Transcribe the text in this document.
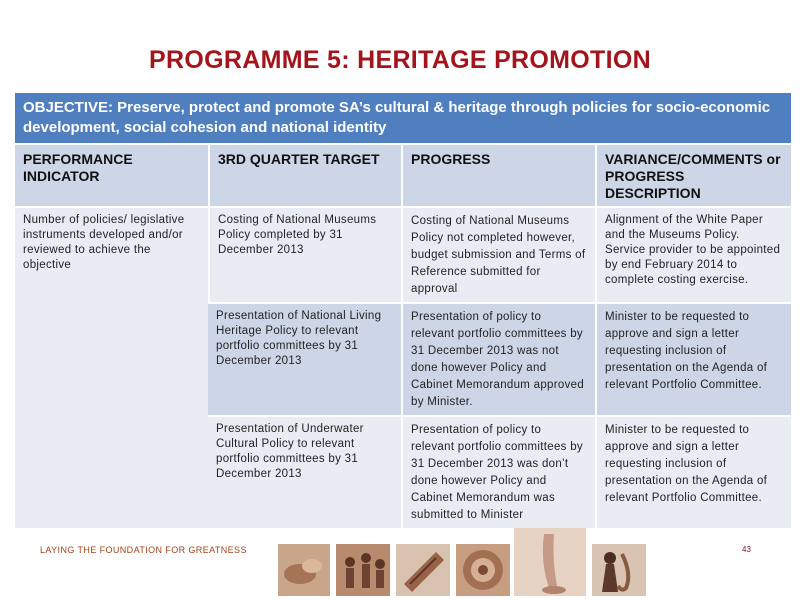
PROGRAMME 5: HERITAGE PROMOTION
OBJECTIVE: Preserve, protect and promote SA’s cultural & heritage through policies for socio-economic development, social cohesion and national identity			
PERFORMANCE INDICATOR	3RD QUARTER TARGET	PROGRESS	VARIANCE/COMMENTS or PROGRESS DESCRIPTION
Number of policies/ legislative instruments developed and/or reviewed to achieve the objective	Costing of National Museums Policy completed by 31 December 2013	Costing of National Museums Policy not completed however, budget submission and Terms of Reference submitted for approval	Alignment of the White Paper and the Museums Policy. Service provider to be appointed by end February 2014 to complete costing exercise.
	Presentation of National Living Heritage Policy to relevant portfolio committees by 31 December 2013	Presentation of policy to relevant portfolio committees by 31 December 2013 was not done however Policy and Cabinet Memorandum approved by Minister.	Minister to be requested to approve and sign a letter requesting inclusion of presentation on the Agenda of relevant Portfolio Committee.
	Presentation of Underwater Cultural Policy to relevant portfolio committees by 31 December 2013	Presentation of policy to relevant portfolio committees by 31 December 2013 was don’t done however Policy and Cabinet Memorandum was submitted to Minister	Minister to be requested to approve and sign a letter requesting inclusion of presentation on the Agenda of relevant Portfolio Committee.
LAYING THE FOUNDATION FOR GREATNESS	43
